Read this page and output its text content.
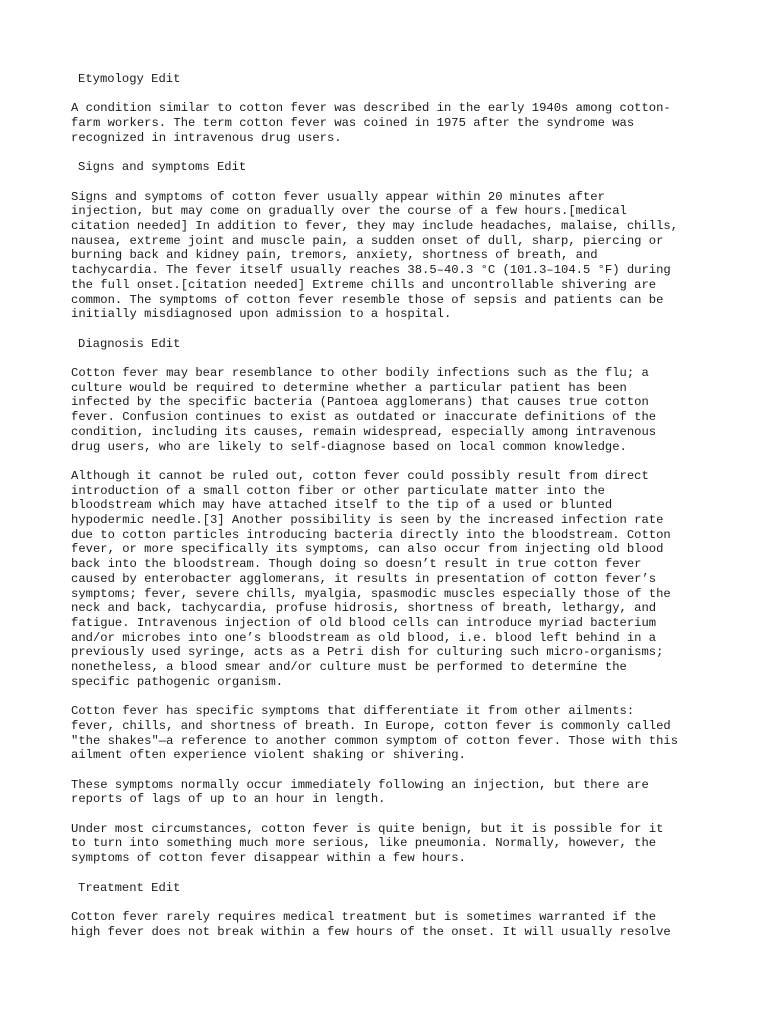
Etymology Edit
A condition similar to cotton fever was described in the early 1940s among cotton-
farm workers. The term cotton fever was coined in 1975 after the syndrome was
recognized in intravenous drug users.
Signs and symptoms Edit
Signs and symptoms of cotton fever usually appear within 20 minutes after
injection, but may come on gradually over the course of a few hours.[medical
citation needed] In addition to fever, they may include headaches, malaise, chills,
nausea, extreme joint and muscle pain, a sudden onset of dull, sharp, piercing or
burning back and kidney pain, tremors, anxiety, shortness of breath, and
tachycardia. The fever itself usually reaches 38.5–40.3 °C (101.3–104.5 °F) during
the full onset.[citation needed] Extreme chills and uncontrollable shivering are
common. The symptoms of cotton fever resemble those of sepsis and patients can be
initially misdiagnosed upon admission to a hospital.
Diagnosis Edit
Cotton fever may bear resemblance to other bodily infections such as the flu; a
culture would be required to determine whether a particular patient has been
infected by the specific bacteria (Pantoea agglomerans) that causes true cotton
fever. Confusion continues to exist as outdated or inaccurate definitions of the
condition, including its causes, remain widespread, especially among intravenous
drug users, who are likely to self-diagnose based on local common knowledge.
Although it cannot be ruled out, cotton fever could possibly result from direct
introduction of a small cotton fiber or other particulate matter into the
bloodstream which may have attached itself to the tip of a used or blunted
hypodermic needle.[3] Another possibility is seen by the increased infection rate
due to cotton particles introducing bacteria directly into the bloodstream. Cotton
fever, or more specifically its symptoms, can also occur from injecting old blood
back into the bloodstream. Though doing so doesn’t result in true cotton fever
caused by enterobacter agglomerans, it results in presentation of cotton fever’s
symptoms; fever, severe chills, myalgia, spasmodic muscles especially those of the
neck and back, tachycardia, profuse hidrosis, shortness of breath, lethargy, and
fatigue. Intravenous injection of old blood cells can introduce myriad bacterium
and/or microbes into one’s bloodstream as old blood, i.e. blood left behind in a
previously used syringe, acts as a Petri dish for culturing such micro-organisms;
nonetheless, a blood smear and/or culture must be performed to determine the
specific pathogenic organism.
Cotton fever has specific symptoms that differentiate it from other ailments:
fever, chills, and shortness of breath. In Europe, cotton fever is commonly called
"the shakes"—a reference to another common symptom of cotton fever. Those with this
ailment often experience violent shaking or shivering.
These symptoms normally occur immediately following an injection, but there are
reports of lags of up to an hour in length.
Under most circumstances, cotton fever is quite benign, but it is possible for it
to turn into something much more serious, like pneumonia. Normally, however, the
symptoms of cotton fever disappear within a few hours.
Treatment Edit
Cotton fever rarely requires medical treatment but is sometimes warranted if the
high fever does not break within a few hours of the onset. It will usually resolve
